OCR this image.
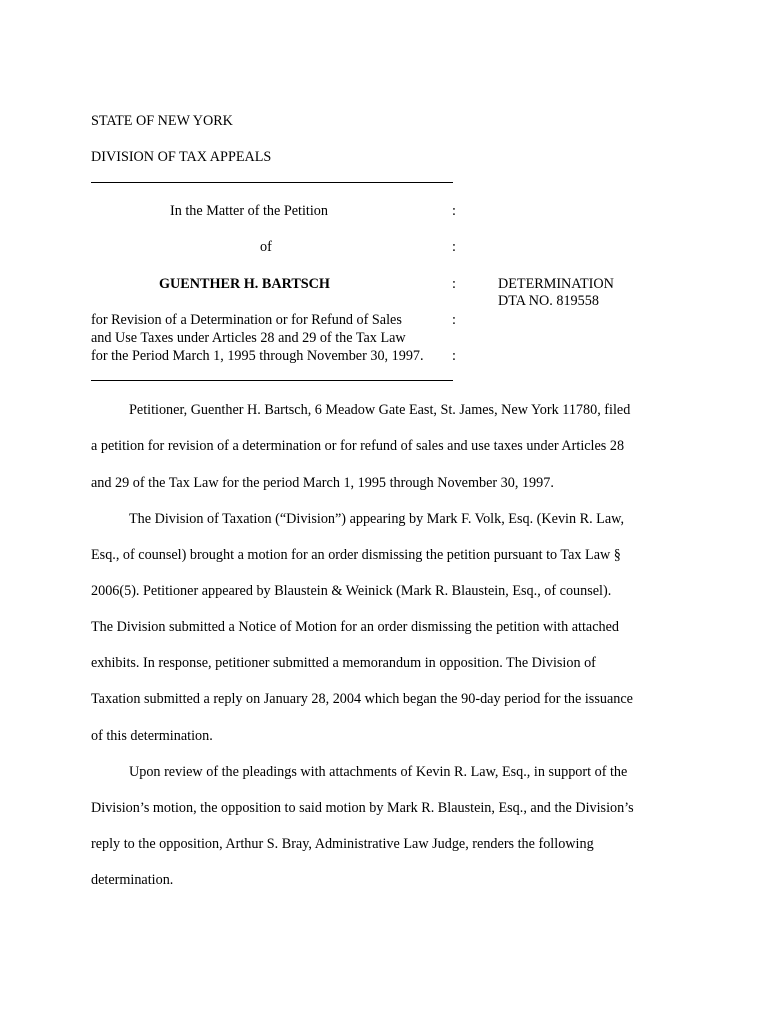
STATE OF NEW YORK
DIVISION OF TAX APPEALS
In the Matter of the Petition	:
of	:
GUENTHER H. BARTSCH	:	DETERMINATION
DTA NO. 819558
for Revision of a Determination or for Refund of Sales	:
and Use Taxes under Articles 28 and 29 of the Tax Law
for the Period March 1, 1995 through November 30, 1997. :
Petitioner, Guenther H. Bartsch, 6 Meadow Gate East, St. James, New York 11780, filed
a petition for revision of a determination or for refund of sales and use taxes under Articles 28
and 29 of the Tax Law for the period March 1, 1995 through November 30, 1997.
The Division of Taxation (“Division”) appearing by Mark F. Volk, Esq. (Kevin R. Law,
Esq., of counsel) brought a motion for an order dismissing the petition pursuant to Tax Law §
2006(5). Petitioner appeared by Blaustein & Weinick (Mark R. Blaustein, Esq., of counsel).
The Division submitted a Notice of Motion for an order dismissing the petition with attached
exhibits. In response, petitioner submitted a memorandum in opposition. The Division of
Taxation submitted a reply on January 28, 2004 which began the 90-day period for the issuance
of this determination.
Upon review of the pleadings with attachments of Kevin R. Law, Esq., in support of the
Division’s motion, the opposition to said motion by Mark R. Blaustein, Esq., and the Division’s
reply to the opposition, Arthur S. Bray, Administrative Law Judge, renders the following
determination.
